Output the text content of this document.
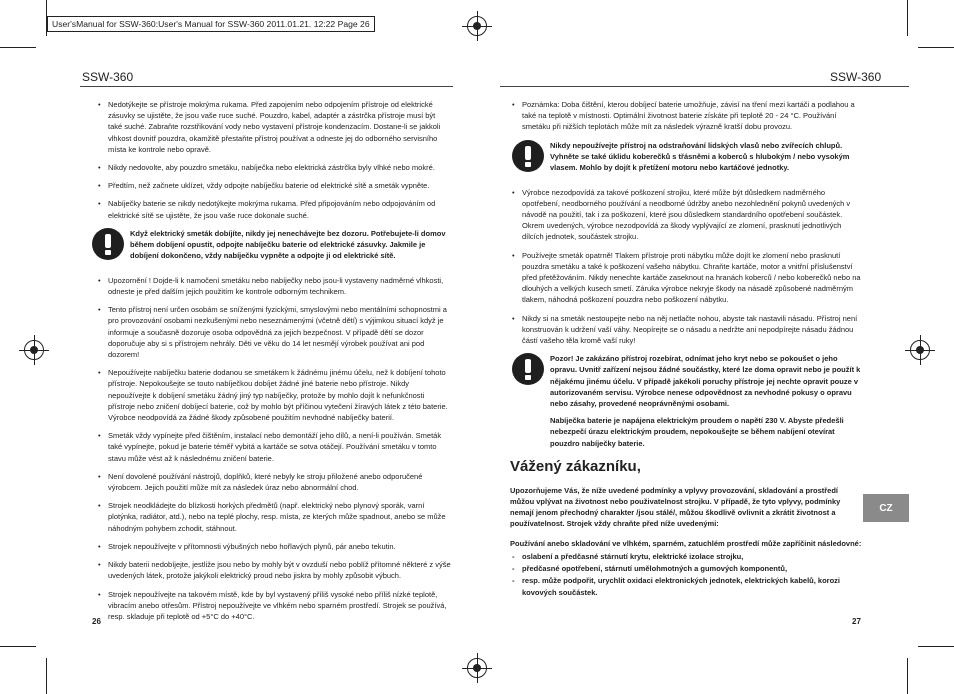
User'sManual for SSW-360:User's Manual for SSW-360 2011.01.21. 12:22 Page 26
SSW-360	SSW-360
• Nedotýkejte se přístroje mokrýma rukama. Před zapojením nebo odpojením přístroje od elektrické zásuvky se ujistěte, že jsou vaše ruce suché. Pouzdro, kabel, adaptér a zástrčka přístroje musí být také suché. Zabraňte rozstřikování vody nebo vystavení přístroje kondenzacím. Dostane-li se jakkoli vlhkost dovnitř pouzdra, okamžitě přestaňte přístroj používat a odneste jej do odborného servisního místa ke kontrole nebo opravě.
• Nikdy nedovolte, aby pouzdro smetáku, nabíječka nebo elektrická zástrčka byly vlhké nebo mokré.
• Předtím, než začnete uklízet, vždy odpojte nabíječku baterie od elektrické sítě a smeták vypněte.
• Nabíječky baterie se nikdy nedotýkejte mokrýma rukama. Před připojováním nebo odpojováním od elektrické sítě se ujistěte, že jsou vaše ruce dokonale suché.

Když elektrický smeták dobíjíte, nikdy jej nenechávejte bez dozoru. Potřebujete-li domov během dobíjení opustit, odpojte nabíječku baterie od elektrické zásuvky. Jakmile je dobíjení dokončeno, vždy nabíječku vypněte a odpojte ji od elektrické sítě.

• Upozornění ! Dojde-li k namočení smetáku nebo nabíječky nebo jsou-li vystaveny nadměrné vlhkosti, odneste je před dalším jejich použitím ke kontrole odborným technikem.
• Tento přístroj není určen osobám se sníženými fyzickými, smyslovými nebo mentálními schopnostmi a pro provozování osobami nezkušenými nebo neseznámenými (včetně dětí) s výjimkou situací když je informuje a současně dozoruje osoba odpovědná za jejich bezpečnost. V případě dětí se dozor doporučuje aby si s přístrojem nehrály. Děti ve věku do 14 let nesmějí výrobek používat ani pod dozorem!
• Nepoužívejte nabíječku baterie dodanou se smetákem k žádnému jinému účelu, než k dobíjení tohoto přístroje. Nepokoušejte se touto nabíječkou dobíjet žádné jiné baterie nebo přístroje. Nikdy nepoužívejte k dobíjení smetáku žádný jiný typ nabíječky, protože by mohlo dojít k nefunkčnosti přístroje nebo zničení dobíjecí baterie, což by mohlo být příčinou vytečení žíravých látek z této baterie. Výrobce neodpovídá za žádné škody způsobené použitím nevhodné nabíječky baterií.
• Smeták vždy vypínejte před čištěním, instalací nebo demontáží jeho dílů, a není-li používán. Smeták také vypínejte, pokud je baterie téměř vybitá a kartáče se sotva otáčejí. Používání smetáku v tomto stavu může vést až k následnému zničení baterie.
• Není dovolené používání nástrojů, doplňků, které nebyly ke stroju přiložené anebo odporučené výrobcem. Jejich použití může mít za následek úraz nebo abnormální chod.
• Strojek neodkládejte do blízkosti horkých předmětů (např. elektrický nebo plynový sporák, varní plotýnka, radiátor, atd.), nebo na teplé plochy, resp. místa, ze kterých může spadnout, anebo se může náhodným pohybem zchodit, stáhnout.
• Strojek nepoužívejte v přítomnosti výbušných nebo hořlavých plynů, pár anebo tekutin.
• Nikdy baterii nedobíjejte, jestliže jsou nebo by mohly být v ovzduší nebo poblíž přítomné některé z výše uvedených látek, protože jakýkoli elektrický proud nebo jiskra by mohly způsobit výbuch.
• Strojek nepoužívejte na takovém místě, kde by byl vystavený příliš vysoké nebo příliš nízké teplotě, vibracím anebo otřesům. Přístroj nepoužívejte ve vlhkém nebo sparném prostředí. Strojek se používá, resp. skladuje při teplotě od +5°C do +40°C.
26
• Poznámka: Doba čištění, kterou dobíjecí baterie umožňuje, závisí na tření mezi kartáči a podlahou a také na teplotě v místnosti. Optimální životnost baterie získáte při teplotě 20 - 24 °C. Používání smetáku při nižších teplotách může mít za následek výrazně kratší dobu provozu.

Nikdy nepoužívejte přístroj na odstraňování lidských vlasů nebo zvířecích chlupů. Vyhněte se také úklidu koberečků s třásněmi a koberců s hlubokým / nebo vysokým vlasem. Mohlo by dojít k přetížení motoru nebo kartáčové jednotky.

• Výrobce nezodpovídá za takové poškození strojku, které může být důsledkem nadměrného opotřebení, neodborného používání a neodborné údržby anebo nezohlednění pokynů uvedených v návodě na použití, tak i za poškození, které jsou důsledkem standardního opotřebení součástek. Okrem uvedených, výrobce nezodpovídá za škody vyplývající ze zlomení, prasknutí jednotlivých dílcích jednotek, součástek strojku.
• Používejte smeták opatrně! Tlakem přístroje proti nábytku může dojít ke zlomení nebo prasknutí pouzdra smetáku a také k poškození vašeho nábytku. Chraňte kartáče, motor a vnitřní příslušenství před přetěžováním. Nikdy nenechte kartáče zaseknout na hranách koberců / nebo koberečků nebo na dlouhých a velkých kusech smetí. Záruka výrobce nekryje škody na násadě způsobené nadměrným tlakem, náhodná poškození pouzdra nebo poškození nábytku.
• Nikdy si na smeták nestoupejte nebo na něj netlačte nohou, abyste tak nastavili násadu. Přístroj není konstruován k udržení vaší váhy. Neopírejte se o násadu a nedržte ani nepodpírejte násadu žádnou částí vašeho těla kromě vaší ruky!

Pozor! Je zakázáno přístroj rozebírat, odnímat jeho kryt nebo se pokoušet o jeho opravu. Uvnitř zařízení nejsou žádné součástky, které lze doma opravit nebo je použít k nějakému jinému účelu. V případě jakékoli poruchy přístroje jej nechte opravit pouze v autorizovaném servisu. Výrobce nenese odpovědnost za nevhodné pokusy o opravu nebo zásahy, provedené neoprávněnými osobami.

Nabíječka baterie je napájena elektrickým proudem o napětí 230 V. Abyste předešli nebezpečí úrazu elektrickým proudem, nepokoušejte se během nabíjení otevírat pouzdro nabíječky baterie.

Vážený zákazníku,

Upozorňujeme Vás, že níže uvedené podmínky a vplyvy provozování, skladování a prostředí můžou vplývat na životnost nebo použivatelnost strojku. V případě, že tyto vplyvy, podmínky nemají jenom přechodný charakter /jsou stálé/, můžou škodlivě ovlivnit a zkrátit životnost a používatelnost. Strojek vždy chraňte před níže uvedenými:

Používání anebo skladování ve vlhkém, sparném, zatuchlém prostředí může zapříčinit následovné:

- oslabení a předčasné stárnutí krytu, elektrické izolace strojku,
- předčasné opotřebení, stárnutí umělohmotných a gumových komponentů,
- resp. může podpořit, urychlit oxidaci elektronických jednotek, elektrických kabelů, korozi kovových součástek.
27
CZ
